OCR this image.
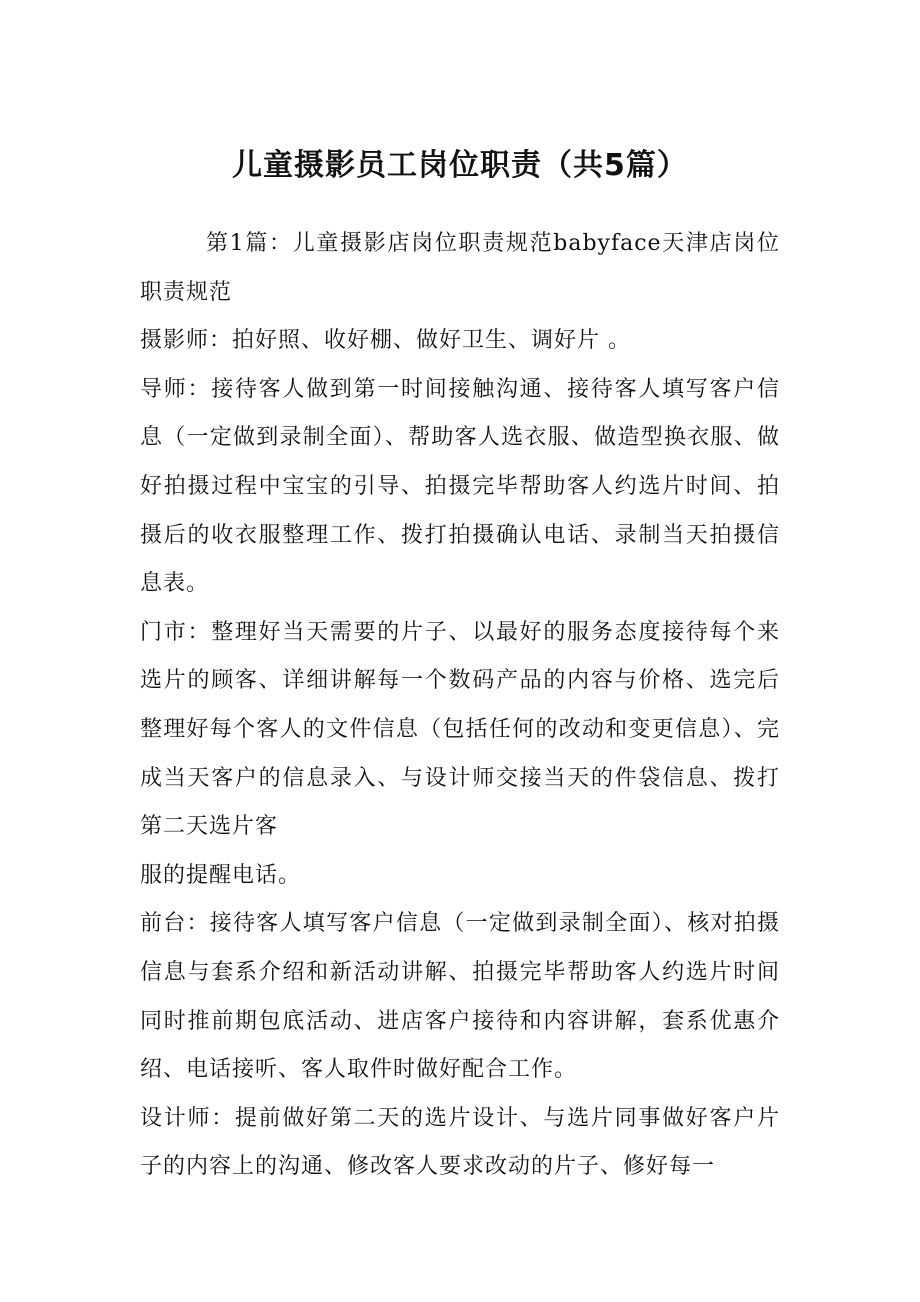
儿童摄影员工岗位职责（共5篇）

第1篇：儿童摄影店岗位职责规范babyface天津店岗位职责规范

摄影师：拍好照、收好棚、做好卫生、调好片 。

导师：接待客人做到第一时间接触沟通、接待客人填写客户信息（一定做到录制全面）、帮助客人选衣服、做造型换衣服、做好拍摄过程中宝宝的引导、拍摄完毕帮助客人约选片时间、拍摄后的收衣服整理工作、拨打拍摄确认电话、录制当天拍摄信息表。

门市：整理好当天需要的片子、以最好的服务态度接待每个来选片的顾客、详细讲解每一个数码产品的内容与价格、选完后整理好每个客人的文件信息（包括任何的改动和变更信息）、完成当天客户的信息录入、与设计师交接当天的件袋信息、拨打第二天选片客

服的提醒电话。

前台：接待客人填写客户信息（一定做到录制全面）、核对拍摄信息与套系介绍和新活动讲解、拍摄完毕帮助客人约选片时间同时推前期包底活动、进店客户接待和内容讲解，套系优惠介绍、电话接听、客人取件时做好配合工作。

设计师：提前做好第二天的选片设计、与选片同事做好客户片子的内容上的沟通、修改客人要求改动的片子、修好每一
